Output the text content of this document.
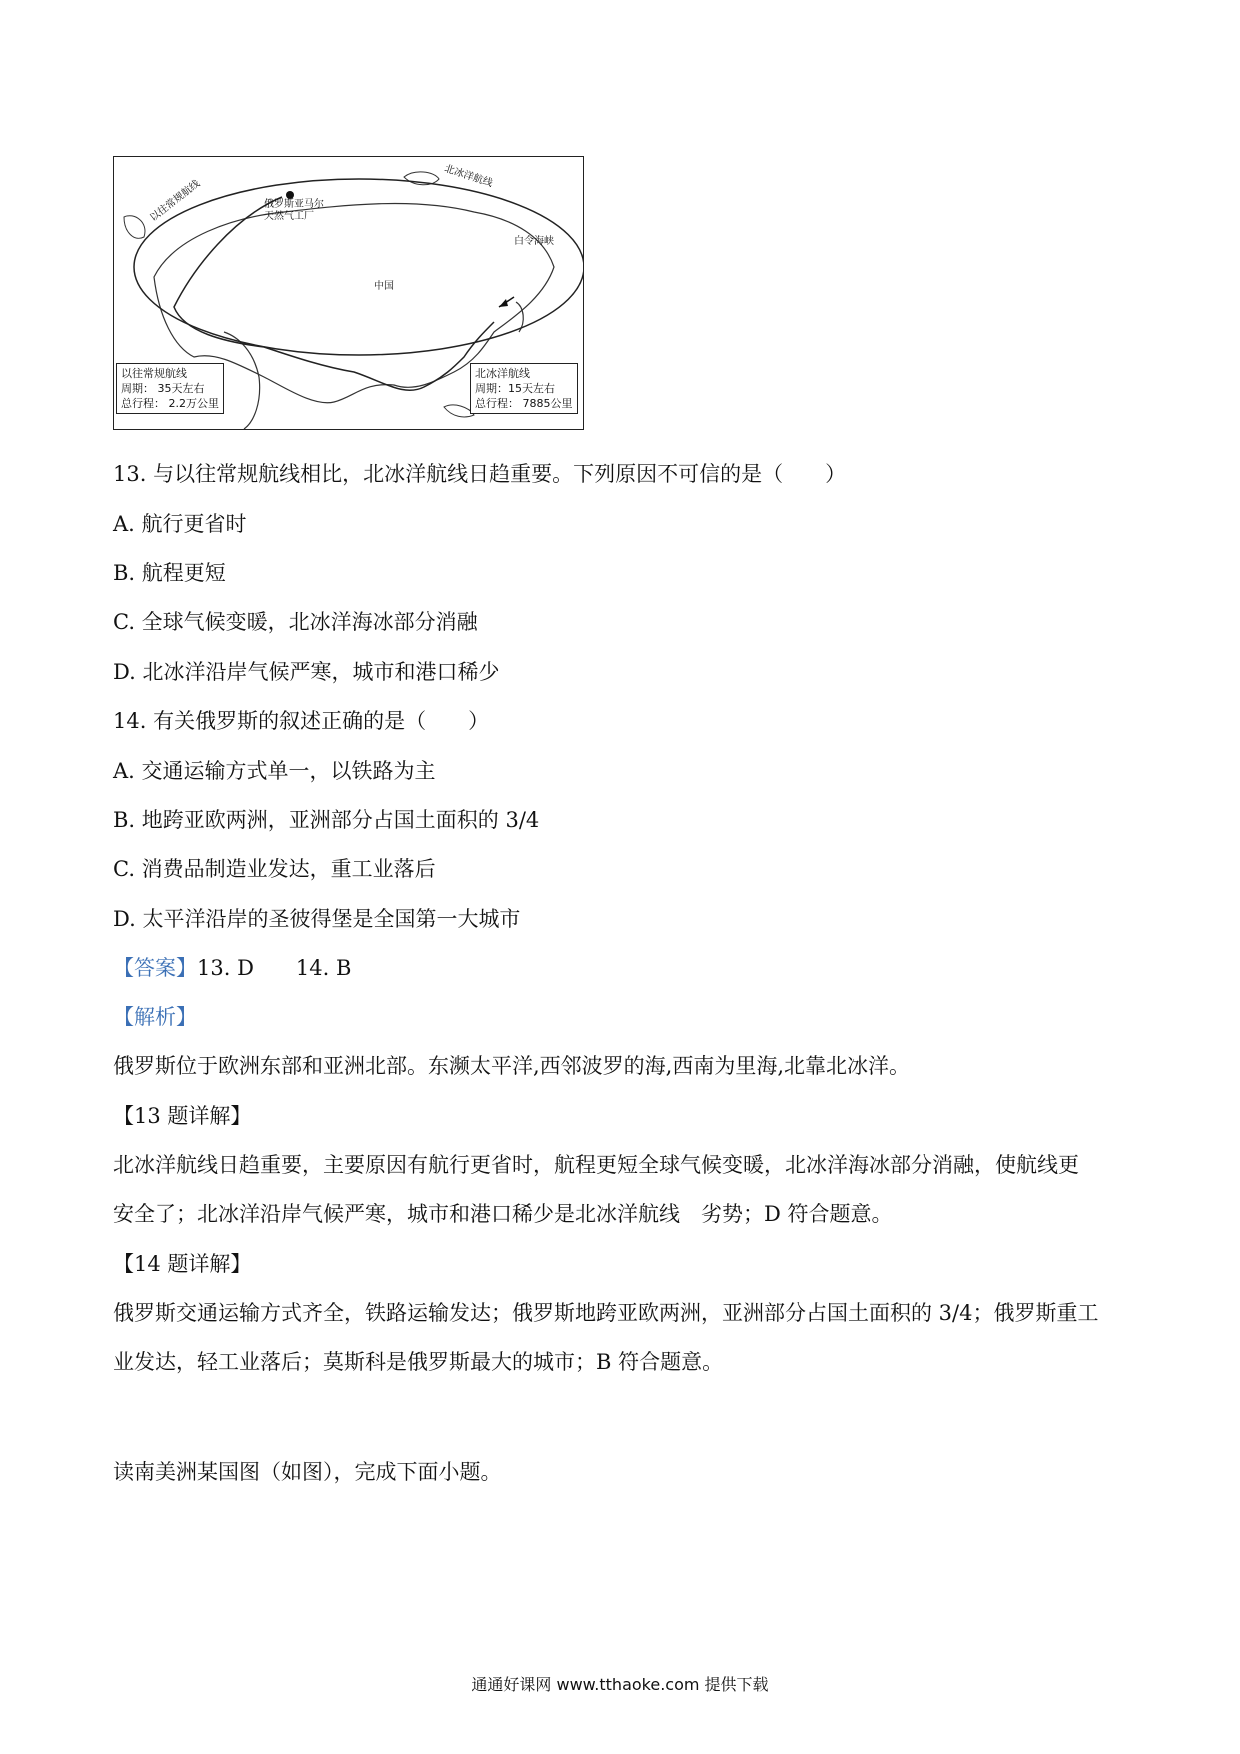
俄罗斯亚马尔
天然气工厂
中国
白令海峡
北冰洋航线
以往常规航线
以往常规航线
周期： 35天左右
总行程： 2.2万公里
北冰洋航线
周期：15天左右
总行程： 7885公里
13. 与以往常规航线相比，北冰洋航线日趋重要。下列原因不可信的是（　　）
A. 航行更省时
B. 航程更短
C. 全球气候变暖，北冰洋海冰部分消融
D. 北冰洋沿岸气候严寒，城市和港口稀少
14. 有关俄罗斯的叙述正确的是（　　）
A. 交通运输方式单一，以铁路为主
B. 地跨亚欧两洲，亚洲部分占国土面积的 3/4
C. 消费品制造业发达，重工业落后
D. 太平洋沿岸的圣彼得堡是全国第一大城市
【答案】13. D　　14. B
【解析】
俄罗斯位于欧洲东部和亚洲北部。东濒太平洋,西邻波罗的海,西南为里海,北靠北冰洋。
【13 题详解】
北冰洋航线日趋重要，主要原因有航行更省时，航程更短全球气候变暖，北冰洋海冰部分消融，使航线更
安全了；北冰洋沿岸气候严寒，城市和港口稀少是北冰洋航线　劣势；D 符合题意。
【14 题详解】
俄罗斯交通运输方式齐全，铁路运输发达；俄罗斯地跨亚欧两洲，亚洲部分占国土面积的 3/4；俄罗斯重工
业发达，轻工业落后；莫斯科是俄罗斯最大的城市；B 符合题意。
读南美洲某国图（如图），完成下面小题。
通通好课网 www.tthaoke.com 提供下载
